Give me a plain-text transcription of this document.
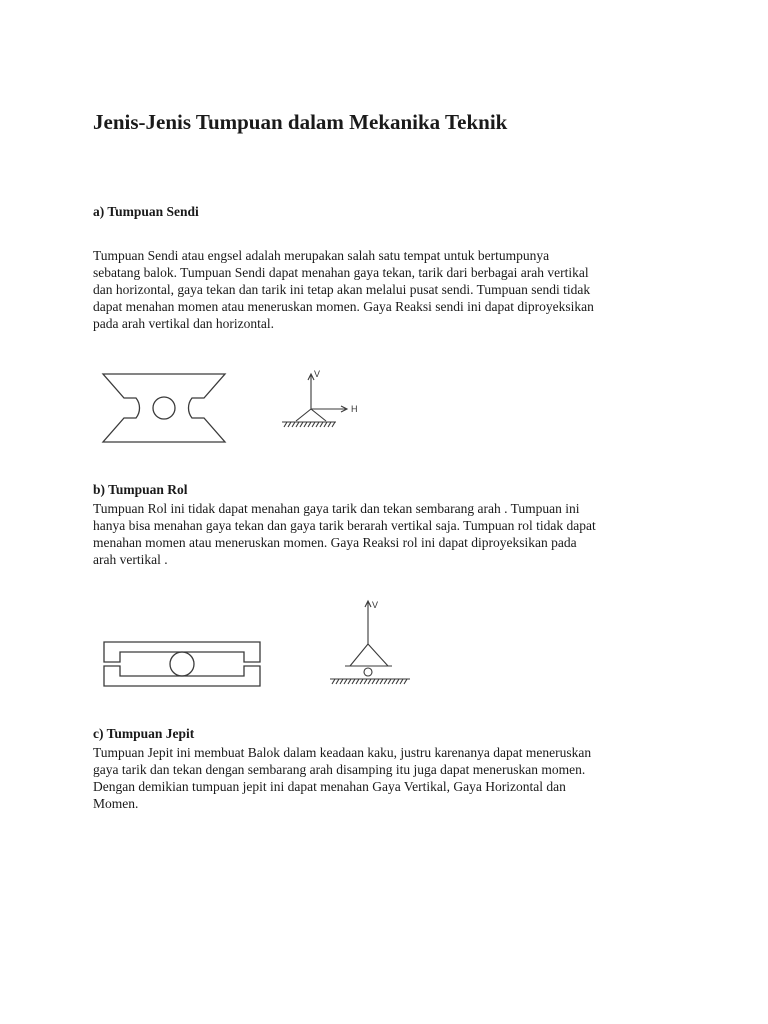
Jenis-Jenis Tumpuan dalam Mekanika Teknik
a) Tumpuan Sendi

Tumpuan Sendi atau engsel adalah merupakan salah satu tempat untuk bertumpunya
sebatang balok. Tumpuan Sendi dapat menahan gaya tekan, tarik dari berbagai arah vertikal
dan horizontal, gaya tekan dan tarik ini tetap akan melalui pusat sendi. Tumpuan sendi tidak
dapat menahan momen atau meneruskan momen. Gaya Reaksi sendi ini dapat diproyeksikan
pada arah vertikal dan horizontal.

V
H
b) Tumpuan Rol

Tumpuan Rol ini tidak dapat menahan gaya tarik dan tekan sembarang arah . Tumpuan ini
hanya bisa menahan gaya tekan dan gaya tarik berarah vertikal saja. Tumpuan rol tidak dapat
menahan momen atau meneruskan momen. Gaya Reaksi rol ini dapat diproyeksikan pada
arah vertikal .

V
c) Tumpuan Jepit

Tumpuan Jepit ini membuat Balok dalam keadaan kaku, justru karenanya dapat meneruskan
gaya tarik dan tekan dengan sembarang arah disamping itu juga dapat meneruskan momen.
Dengan demikian tumpuan jepit ini dapat menahan Gaya Vertikal, Gaya Horizontal dan
Momen.
